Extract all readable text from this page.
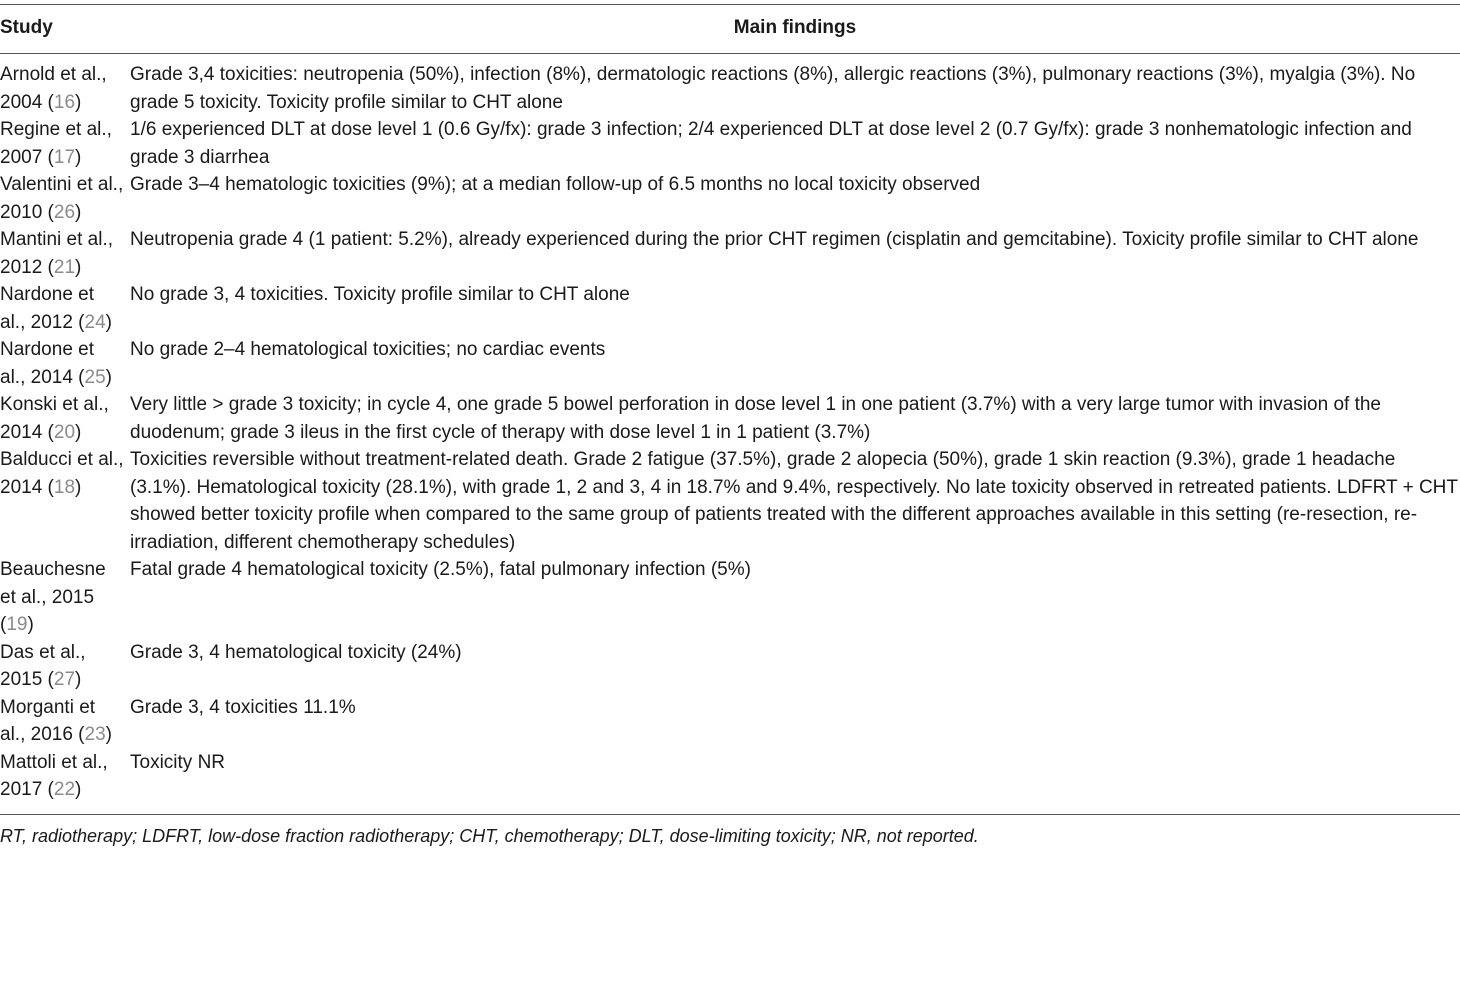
Study	Main findings
Arnold et al., 2004 (16)	Grade 3,4 toxicities: neutropenia (50%), infection (8%), dermatologic reactions (8%), allergic reactions (3%), pulmonary reactions (3%), myalgia (3%). No grade 5 toxicity. Toxicity profile similar to CHT alone
Regine et al., 2007 (17)	1/6 experienced DLT at dose level 1 (0.6 Gy/fx): grade 3 infection; 2/4 experienced DLT at dose level 2 (0.7 Gy/fx): grade 3 nonhematologic infection and grade 3 diarrhea
Valentini et al., 2010 (26)	Grade 3–4 hematologic toxicities (9%); at a median follow-up of 6.5 months no local toxicity observed
Mantini et al., 2012 (21)	Neutropenia grade 4 (1 patient: 5.2%), already experienced during the prior CHT regimen (cisplatin and gemcitabine). Toxicity profile similar to CHT alone
Nardone et al., 2012 (24)	No grade 3, 4 toxicities. Toxicity profile similar to CHT alone
Nardone et al., 2014 (25)	No grade 2–4 hematological toxicities; no cardiac events
Konski et al., 2014 (20)	Very little > grade 3 toxicity; in cycle 4, one grade 5 bowel perforation in dose level 1 in one patient (3.7%) with a very large tumor with invasion of the duodenum; grade 3 ileus in the first cycle of therapy with dose level 1 in 1 patient (3.7%)
Balducci et al., 2014 (18)	Toxicities reversible without treatment-related death. Grade 2 fatigue (37.5%), grade 2 alopecia (50%), grade 1 skin reaction (9.3%), grade 1 headache (3.1%). Hematological toxicity (28.1%), with grade 1, 2 and 3, 4 in 18.7% and 9.4%, respectively. No late toxicity observed in retreated patients. LDFRT + CHT showed better toxicity profile when compared to the same group of patients treated with the different approaches available in this setting (re-resection, re-irradiation, different chemotherapy schedules)
Beauchesne et al., 2015 (19)	Fatal grade 4 hematological toxicity (2.5%), fatal pulmonary infection (5%)
Das et al., 2015 (27)	Grade 3, 4 hematological toxicity (24%)
Morganti et al., 2016 (23)	Grade 3, 4 toxicities 11.1%
Mattoli et al., 2017 (22)	Toxicity NR
RT, radiotherapy; LDFRT, low-dose fraction radiotherapy; CHT, chemotherapy; DLT, dose-limiting toxicity; NR, not reported.
